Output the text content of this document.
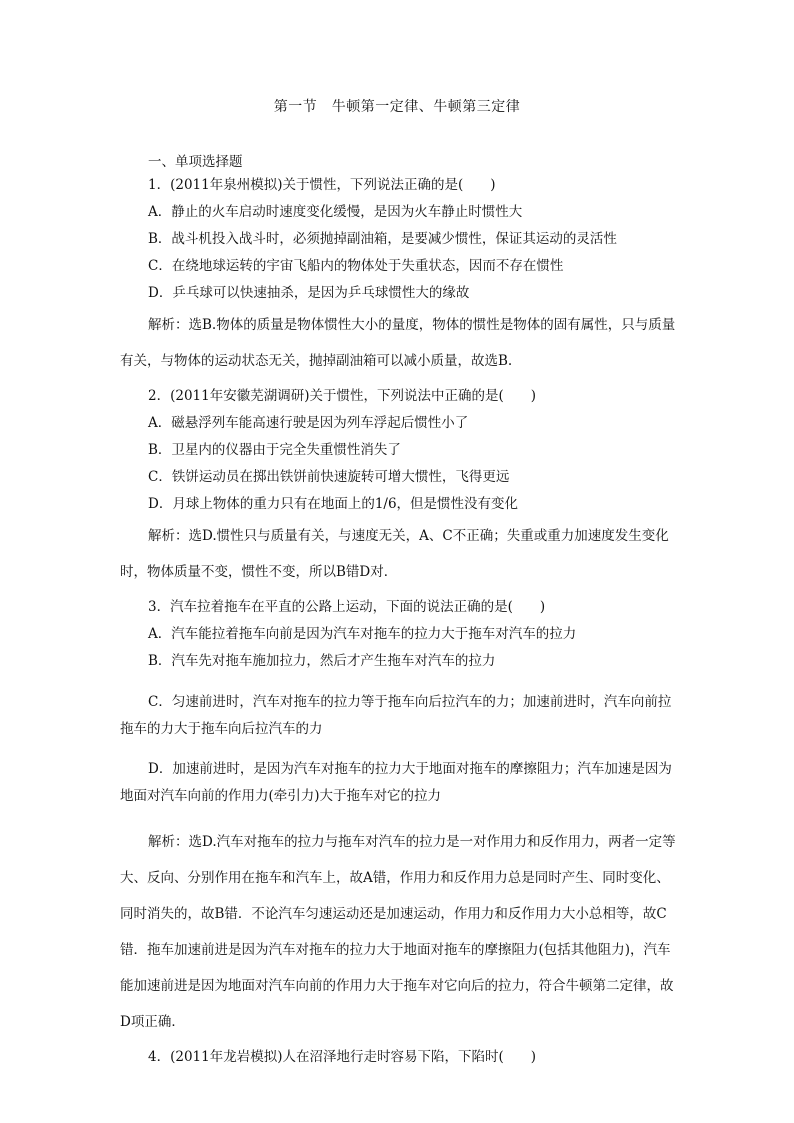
第一节　牛顿第一定律、牛顿第三定律
一、单项选择题

1．(2011年泉州模拟)关于惯性，下列说法正确的是(　　)

A．静止的火车启动时速度变化缓慢，是因为火车静止时惯性大

B．战斗机投入战斗时，必须抛掉副油箱，是要减少惯性，保证其运动的灵活性

C．在绕地球运转的宇宙飞船内的物体处于失重状态，因而不存在惯性

D．乒乓球可以快速抽杀，是因为乒乓球惯性大的缘故

解析：选B.物体的质量是物体惯性大小的量度，物体的惯性是物体的固有属性，只与质量有关，与物体的运动状态无关，抛掉副油箱可以减小质量，故选B.

2．(2011年安徽芜湖调研)关于惯性，下列说法中正确的是(　　)

A．磁悬浮列车能高速行驶是因为列车浮起后惯性小了

B．卫星内的仪器由于完全失重惯性消失了

C．铁饼运动员在掷出铁饼前快速旋转可增大惯性，飞得更远

D．月球上物体的重力只有在地面上的1/6，但是惯性没有变化

解析：选D.惯性只与质量有关，与速度无关，A、C不正确；失重或重力加速度发生变化时，物体质量不变，惯性不变，所以B错D对．

3．汽车拉着拖车在平直的公路上运动，下面的说法正确的是(　　)

A．汽车能拉着拖车向前是因为汽车对拖车的拉力大于拖车对汽车的拉力

B．汽车先对拖车施加拉力，然后才产生拖车对汽车的拉力

C．匀速前进时，汽车对拖车的拉力等于拖车向后拉汽车的力；加速前进时，汽车向前拉拖车的力大于拖车向后拉汽车的力

D．加速前进时，是因为汽车对拖车的拉力大于地面对拖车的摩擦阻力；汽车加速是因为地面对汽车向前的作用力(牵引力)大于拖车对它的拉力

解析：选D.汽车对拖车的拉力与拖车对汽车的拉力是一对作用力和反作用力，两者一定等大、反向、分别作用在拖车和汽车上，故A错，作用力和反作用力总是同时产生、同时变化、同时消失的，故B错．不论汽车匀速运动还是加速运动，作用力和反作用力大小总相等，故C错．拖车加速前进是因为汽车对拖车的拉力大于地面对拖车的摩擦阻力(包括其他阻力)，汽车能加速前进是因为地面对汽车向前的作用力大于拖车对它向后的拉力，符合牛顿第二定律，故D项正确．

4．(2011年龙岩模拟)人在沼泽地行走时容易下陷，下陷时(　　)
